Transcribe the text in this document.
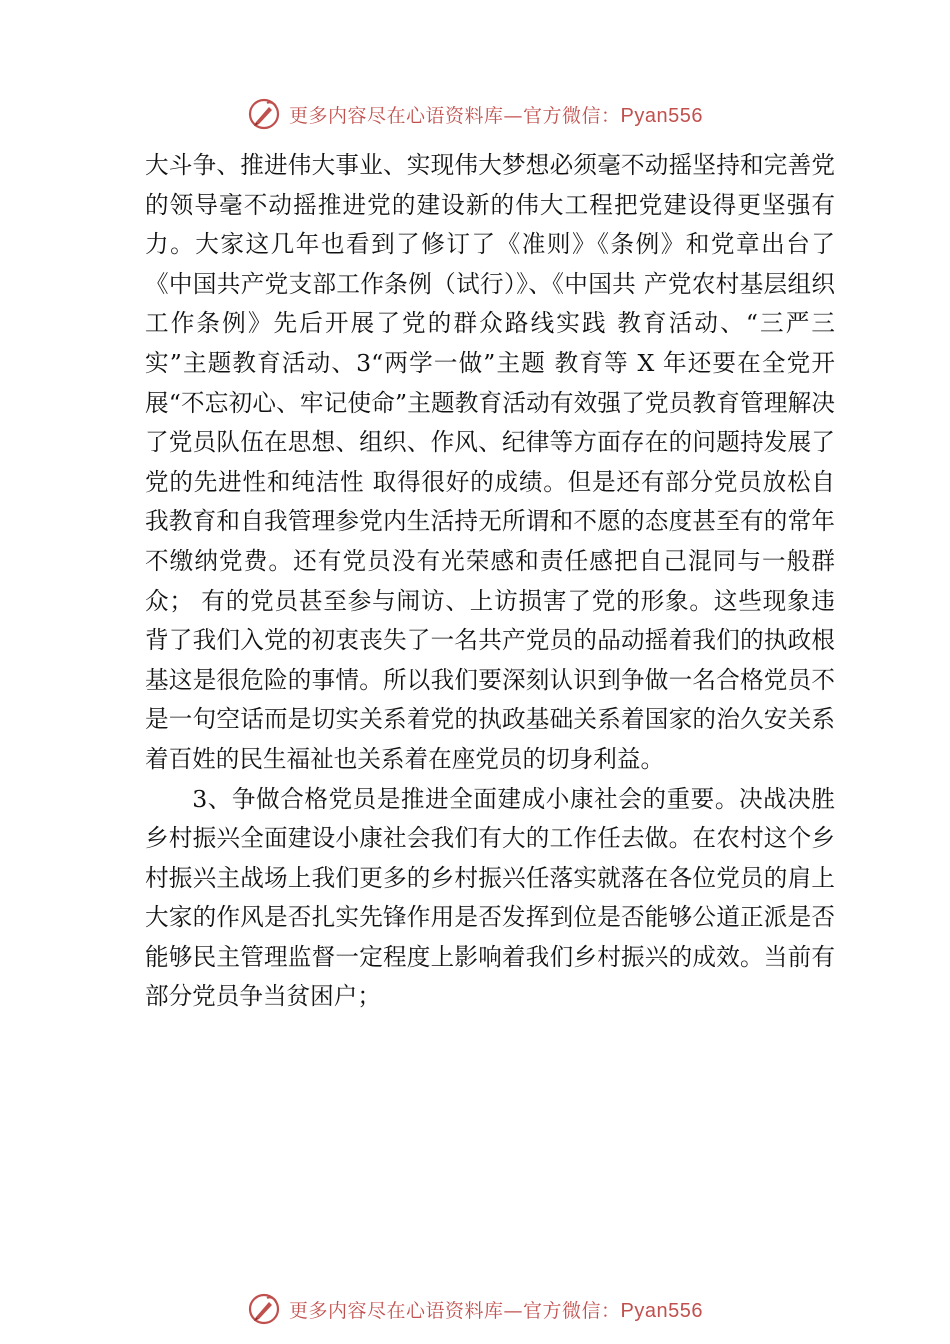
更多内容尽在心语资料库—官方微信：Pyan556

大斗争、推进伟大事业、实现伟大梦想必须毫不动摇坚持和完善党的领导毫不动摇推进党的建设新的伟大工程把党建设得更坚强有力。大家这几年也看到了修订了《准则》《条例》和党章出台了《中国共产党支部工作条例（试行）》、《中国共 产党农村基层组织工作条例》先后开展了党的群众路线实践 教育活动、“三严三实”主题教育活动、3“两学一做”主题 教育等 X 年还要在全党开展“不忘初心、牢记使命”主题教育活动有效强了党员教育管理解决了党员队伍在思想、组织、作风、纪律等方面存在的问题持发展了党的先进性和纯洁性 取得很好的成绩。但是还有部分党员放松自我教育和自我管理参党内生活持无所谓和不愿的态度甚至有的常年不缴纳党费。还有党员没有光荣感和责任感把自己混同与一般群众； 有的党员甚至参与闹访、上访损害了党的形象。这些现象违背了我们入党的初衷丧失了一名共产党员的品动摇着我们的执政根基这是很危险的事情。所以我们要深刻认识到争做一名合格党员不是一句空话而是切实关系着党的执政基础关系着国家的治久安关系着百姓的民生福祉也关系着在座党员的切身利益。

3、争做合格党员是推进全面建成小康社会的重要。决战决胜乡村振兴全面建设小康社会我们有大的工作任去做。在农村这个乡村振兴主战场上我们更多的乡村振兴任落实就落在各位党员的肩上大家的作风是否扎实先锋作用是否发挥到位是否能够公道正派是否能够民主管理监督一定程度上影响着我们乡村振兴的成效。当前有部分党员争当贫困户；

更多内容尽在心语资料库—官方微信：Pyan556
